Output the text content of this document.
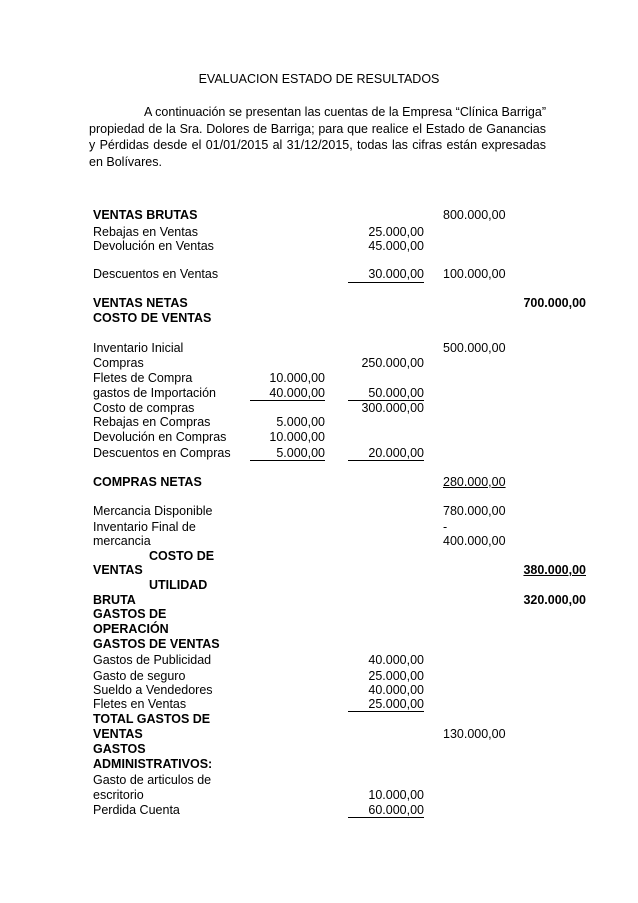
EVALUACION ESTADO DE RESULTADOS
A continuación se presentan las cuentas de la Empresa “Clínica Barriga” propiedad de la Sra. Dolores de Barriga; para que realice el Estado de Ganancias y Pérdidas desde el 01/01/2015 al 31/12/2015, todas las cifras están expresadas en Bolívares.
VENTAS BRUTAS	800.000,00
Rebajas en Ventas	25.000,00
Devolución en Ventas	45.000,00
Descuentos en Ventas	30.000,00 100.000,00
VENTAS NETAS	700.000,00
COSTO DE VENTAS
Inventario Inicial	500.000,00
Compras	250.000,00
Fletes de Compra	10.000,00
gastos de Importación	40.000,00	50.000,00
Costo de compras	300.000,00
Rebajas en Compras	5.000,00
Devolución en Compras	10.000,00
Descuentos en Compras	5.000,00	20.000,00
COMPRAS NETAS	280.000,00
Mercancia Disponible	780.000,00
Inventario Final de	-
mercancia	400.000,00
COSTO DE
VENTAS	380.000,00
UTILIDAD
BRUTA	320.000,00
GASTOS DE
OPERACIÓN
GASTOS DE VENTAS
Gastos de Publicidad	40.000,00
Gasto de seguro	25.000,00
Sueldo a Vendedores	40.000,00
Fletes en Ventas	25.000,00
TOTAL GASTOS DE
VENTAS	130.000,00
GASTOS
ADMINISTRATIVOS:
Gasto de articulos de
escritorio	10.000,00
Perdida Cuenta	60.000,00
